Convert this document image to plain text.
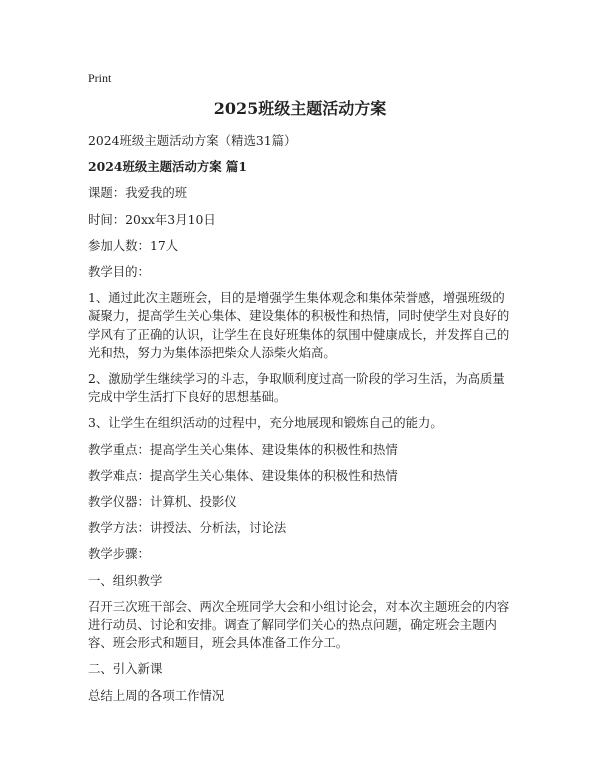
Print
2025班级主题活动方案

2024班级主题活动方案（精选31篇）

2024班级主题活动方案 篇1

课题：我爱我的班

时间：20xx年3月10日

参加人数：17人

教学目的：

1、通过此次主题班会，目的是增强学生集体观念和集体荣誉感，增强班级的凝聚力，提高学生关心集体、建设集体的积极性和热情，同时使学生对良好的学风有了正确的认识，让学生在良好班集体的氛围中健康成长，并发挥自己的光和热，努力为集体添把柴众人添柴火焰高。

2、激励学生继续学习的斗志，争取顺利度过高一阶段的学习生活，为高质量完成中学生活打下良好的思想基础。

3、让学生在组织活动的过程中，充分地展现和锻炼自己的能力。

教学重点：提高学生关心集体、建设集体的积极性和热情

教学难点：提高学生关心集体、建设集体的积极性和热情

教学仪器：计算机、投影仪

教学方法：讲授法、分析法，讨论法

教学步骤：

一、组织教学

召开三次班干部会、两次全班同学大会和小组讨论会，对本次主题班会的内容进行动员、讨论和安排。调查了解同学们关心的热点问题，确定班会主题内容、班会形式和题目，班会具体准备工作分工。

二、引入新课

总结上周的各项工作情况
